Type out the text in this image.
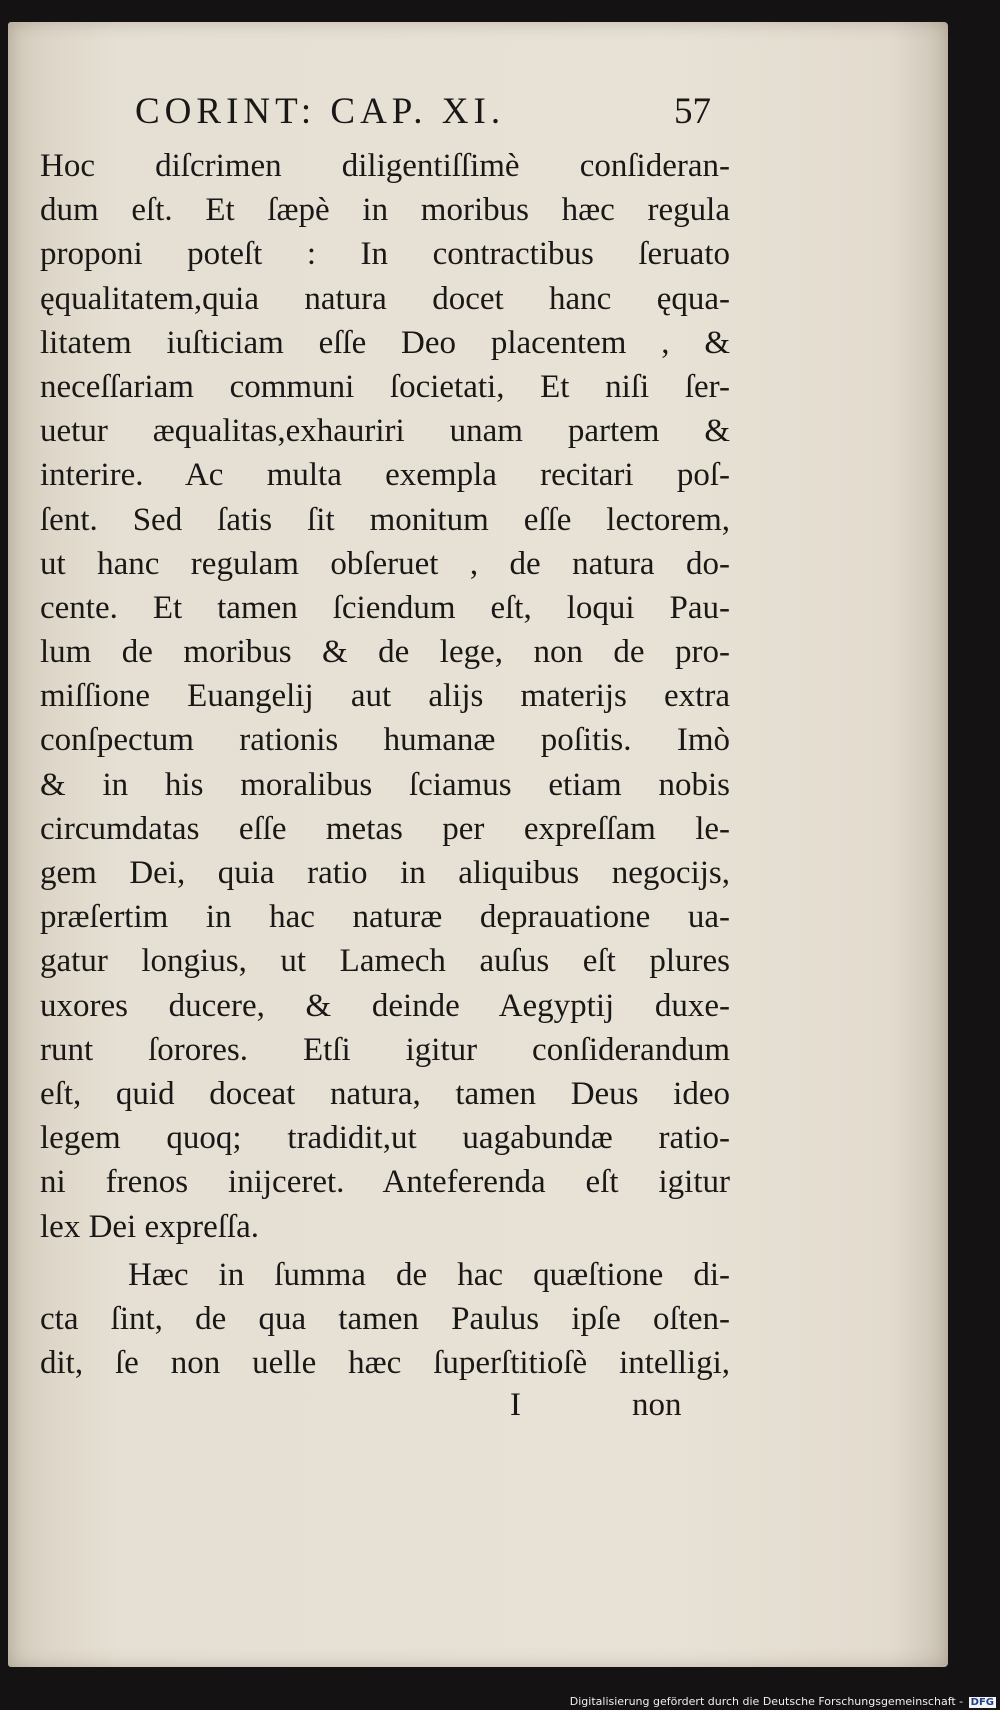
CORINT: CAP. XI.	57
Hoc diſcrimen diligentiſſimè conſideran-
dum eſt. Et ſæpè in moribus hæc regula
proponi poteſt : In contractibus ſeruato
ęqualitatem,quia natura docet hanc ęqua-
litatem iuſticiam eſſe Deo placentem , &
neceſſariam communi ſocietati, Et niſi ſer-
uetur æqualitas,exhauriri unam partem &
interire. Ac multa exempla recitari poſ-
ſent. Sed ſatis ſit monitum eſſe lectorem,
ut hanc regulam obſeruet , de natura do-
cente. Et tamen ſciendum eſt, loqui Pau-
lum de moribus & de lege, non de pro-
miſſione Euangelij aut alijs materijs extra
conſpectum rationis humanæ poſitis. Imò
& in his moralibus ſciamus etiam nobis
circumdatas eſſe metas per expreſſam le-
gem Dei, quia ratio in aliquibus negocijs,
præſertim in hac naturæ deprauatione ua-
gatur longius, ut Lamech auſus eſt plures
uxores ducere, & deinde Aegyptij duxe-
runt ſorores. Etſi igitur conſiderandum
eſt, quid doceat natura, tamen Deus ideo
legem quoq; tradidit,ut uagabundæ ratio-
ni frenos inijceret. Anteferenda eſt igitur
lex Dei expreſſa.
Hæc in ſumma de hac quæſtione di-
cta ſint, de qua tamen Paulus ipſe oſten-
dit, ſe non uelle hæc ſuperſtitioſè intelligi,
I	non
Digitalisierung gefördert durch die Deutsche Forschungsgemeinschaft - DFG
